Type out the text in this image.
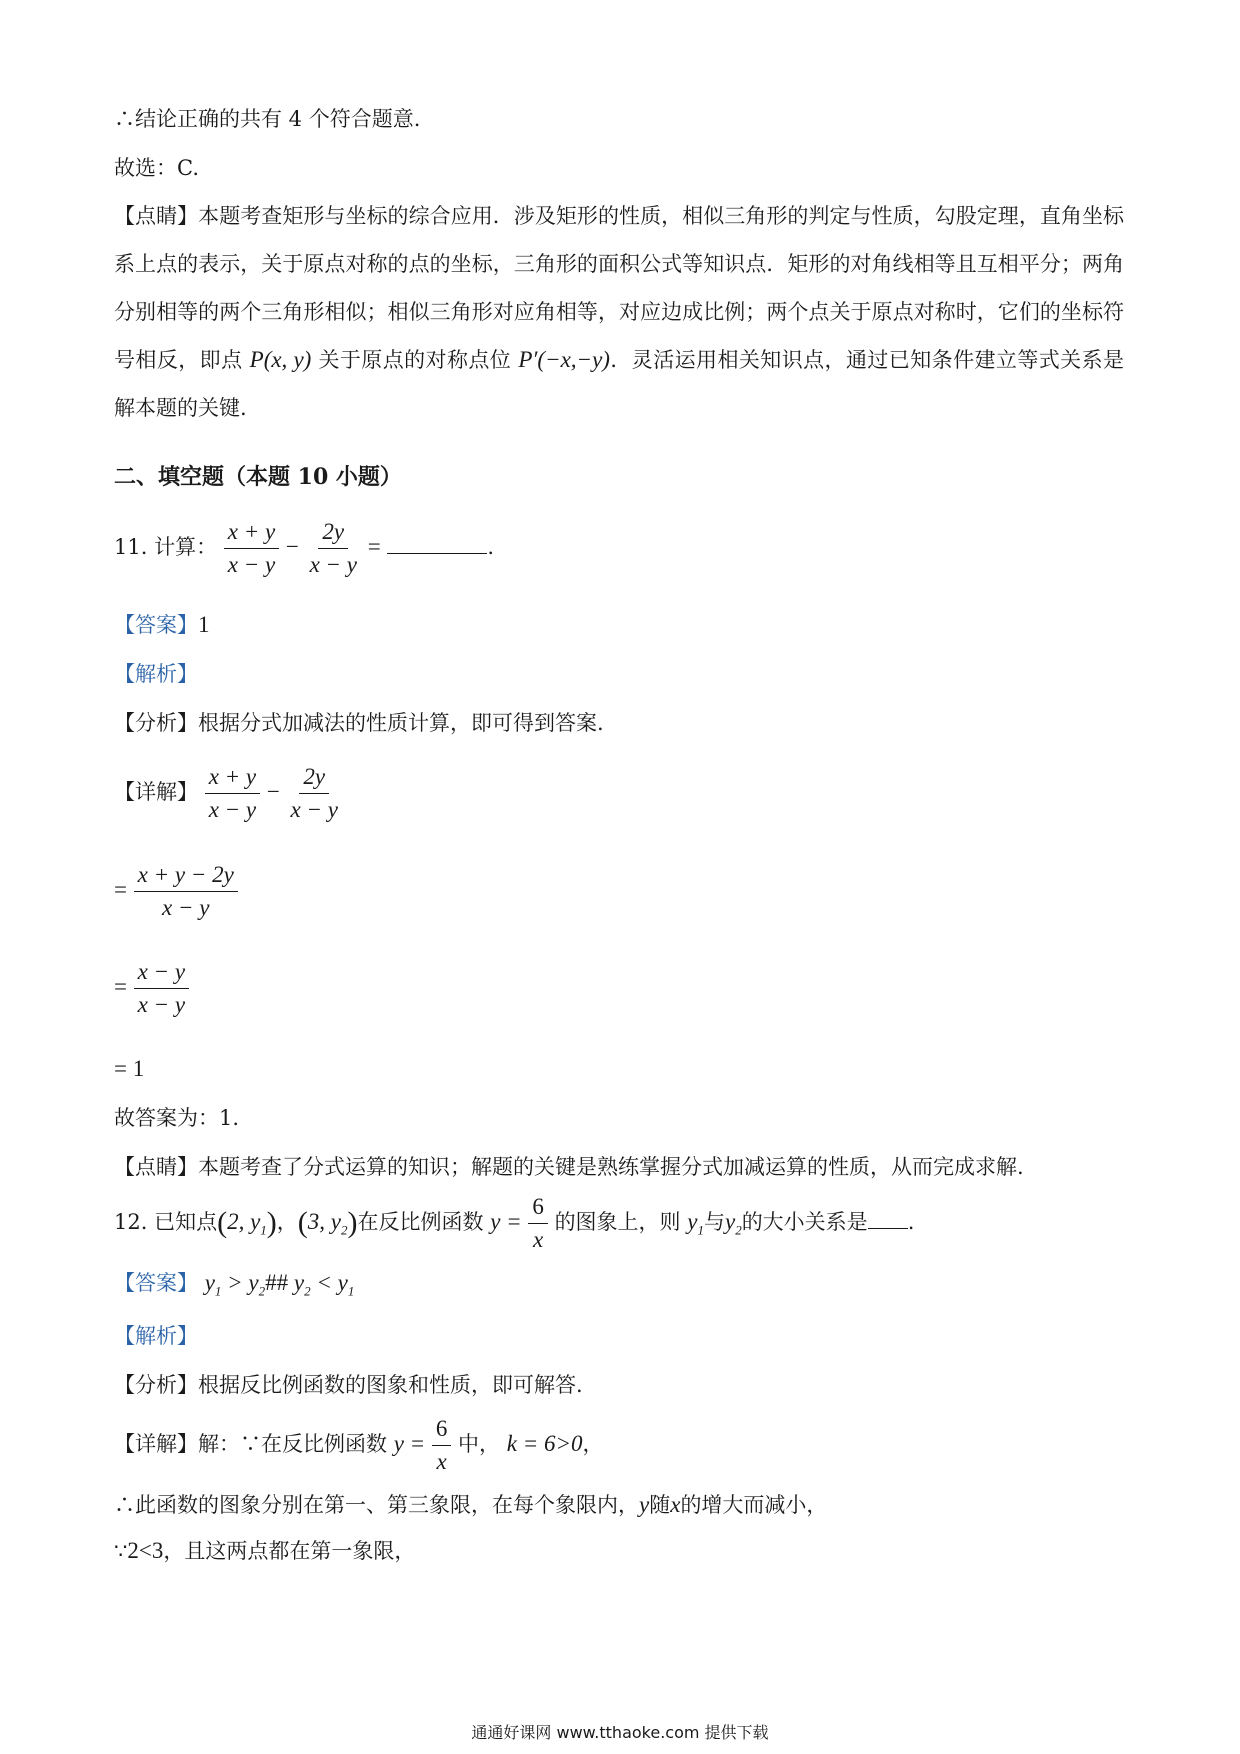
∴结论正确的共有 4 个符合题意.
故选：C.
【点睛】本题考查矩形与坐标的综合应用．涉及矩形的性质，相似三角形的判定与性质，勾股定理，直角坐标系上点的表示，关于原点对称的点的坐标，三角形的面积公式等知识点．矩形的对角线相等且互相平分；两角分别相等的两个三角形相似；相似三角形对应角相等，对应边成比例；两个点关于原点对称时，它们的坐标符号相反，即点 P(x, y) 关于原点的对称点位 P′(−x,−y)．灵活运用相关知识点，通过已知条件建立等式关系是解本题的关键.
二、填空题（本题 10 小题）
11. 计算： $\frac{x + y}{x - y} - \frac{2y}{x - y}$ =	.
【答案】1
【解析】
【分析】根据分式加减法的性质计算，即可得到答案.
【详解】 $\frac{x + y}{x - y} - \frac{2y}{x - y}$
= $\frac{x + y - 2y}{x - y}$
= $\frac{x - y}{x - y}$
= 1
故答案为：1.
【点睛】本题考查了分式运算的知识；解题的关键是熟练掌握分式加减运算的性质，从而完成求解.
12. 已知点(2, $y_1$)，(3, $y_2$)在反比例函数 $y = \frac{6}{x}$ 的图象上，则 $y_1$与$y_2$的大小关系是 .
【答案】 $y_1$ > $y_2\#\#$ $y_2 < y_1$
【解析】
【分析】根据反比例函数的图象和性质，即可解答.
【详解】解：∵在反比例函数 $y = \frac{6}{x}$ 中， k = 6>0，
∴此函数的图象分别在第一、第三象限，在每个象限内，y随x的增大而减小，
∵2<3，且这两点都在第一象限，
通通好课网 www.tthaoke.com 提供下载
